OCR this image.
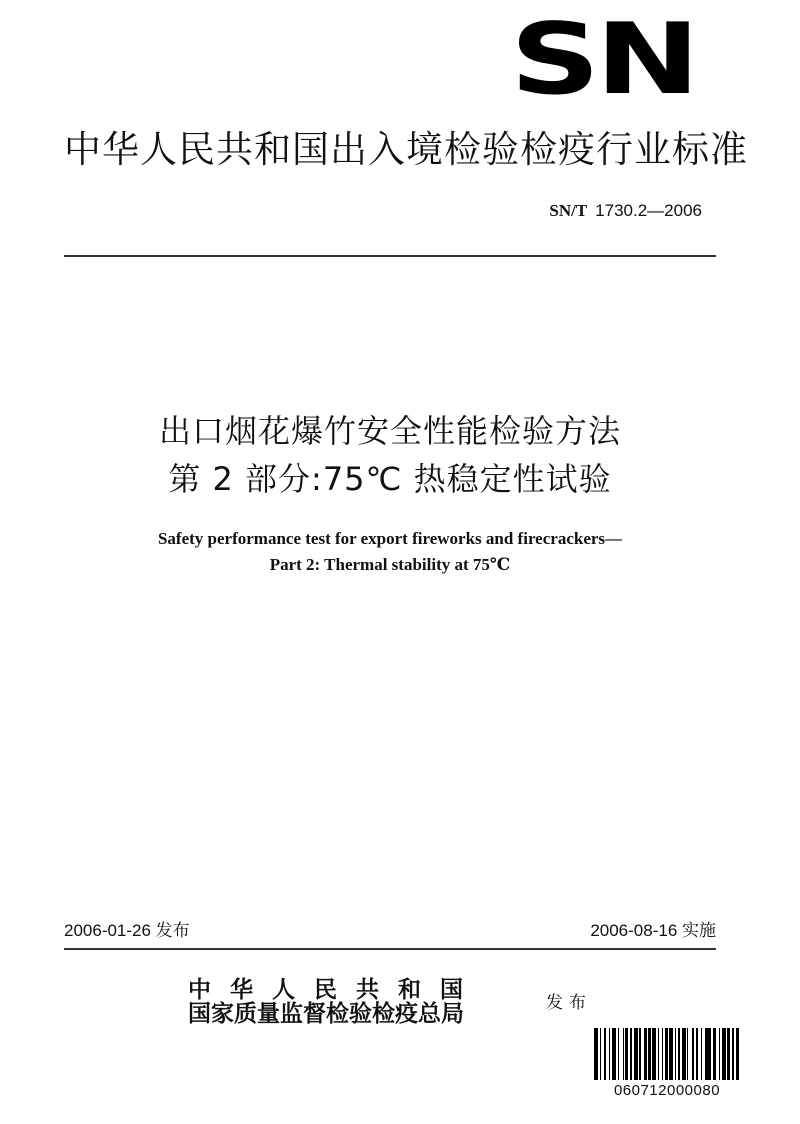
SN
中华人民共和国出入境检验检疫行业标准
SN/T 1730.2—2006
出口烟花爆竹安全性能检验方法
第 2 部分:75℃ 热稳定性试验
Safety performance test for export fireworks and firecrackers—
Part 2: Thermal stability at 75℃
2006-01-26 发布	2006-08-16 实施
中华人民共和国
国家质量监督检验检疫总局	发布
060712000080
